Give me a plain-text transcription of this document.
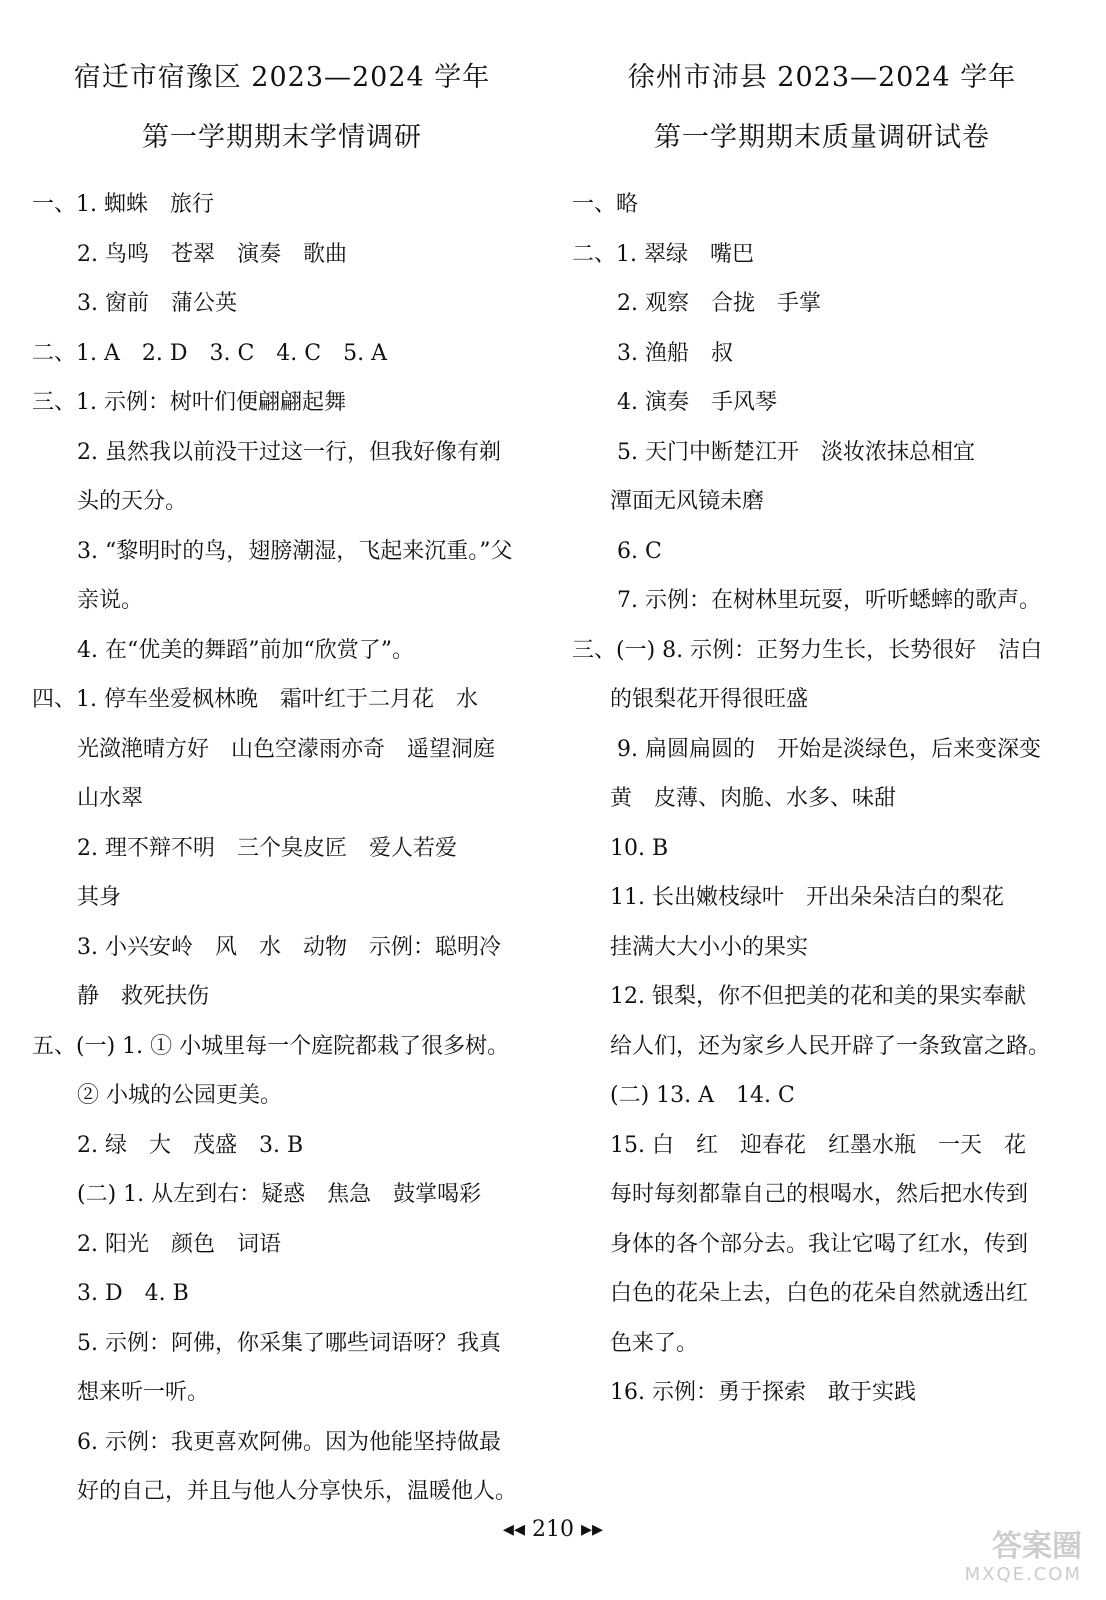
宿迁市宿豫区 2023—2024 学年
第一学期期末学情调研
一、1. 蜘蛛　旅行
2. 鸟鸣　苍翠　演奏　歌曲
3. 窗前　蒲公英
二、1. A　2. D　3. C　4. C　5. A
三、1. 示例：树叶们便翩翩起舞
2. 虽然我以前没干过这一行，但我好像有剃
头的天分。
3. “黎明时的鸟，翅膀潮湿，飞起来沉重。”父
亲说。
4. 在“优美的舞蹈”前加“欣赏了”。
四、1. 停车坐爱枫林晚　霜叶红于二月花　水
光潋滟晴方好　山色空濛雨亦奇　遥望洞庭
山水翠
2. 理不辩不明　三个臭皮匠　爱人若爱
其身
3. 小兴安岭　风　水　动物　示例：聪明冷
静　救死扶伤
五、(一) 1. ① 小城里每一个庭院都栽了很多树。
② 小城的公园更美。
2. 绿　大　茂盛　3. B
(二) 1. 从左到右：疑惑　焦急　鼓掌喝彩
2. 阳光　颜色　词语
3. D　4. B
5. 示例：阿佛，你采集了哪些词语呀？我真
想来听一听。
6. 示例：我更喜欢阿佛。因为他能坚持做最
好的自己，并且与他人分享快乐，温暖他人。
徐州市沛县 2023—2024 学年
第一学期期末质量调研试卷
一、略
二、1. 翠绿　嘴巴
2. 观察　合拢　手掌
3. 渔船　叔
4. 演奏　手风琴
5. 天门中断楚江开　淡妆浓抹总相宜
潭面无风镜未磨
6. C
7. 示例：在树林里玩耍，听听蟋蟀的歌声。
三、(一) 8. 示例：正努力生长，长势很好　洁白
的银梨花开得很旺盛
9. 扁圆扁圆的　开始是淡绿色，后来变深变
黄　皮薄、肉脆、水多、味甜
10. B
11. 长出嫩枝绿叶　开出朵朵洁白的梨花
挂满大大小小的果实
12. 银梨，你不但把美的花和美的果实奉献
给人们，还为家乡人民开辟了一条致富之路。
(二) 13. A　14. C
15. 白　红　迎春花　红墨水瓶　一天　花
每时每刻都靠自己的根喝水，然后把水传到
身体的各个部分去。我让它喝了红水，传到
白色的花朵上去，白色的花朵自然就透出红
色来了。
16. 示例：勇于探索　敢于实践
◂◂ 210 ▸▸	答案圈
MXQE.COM
